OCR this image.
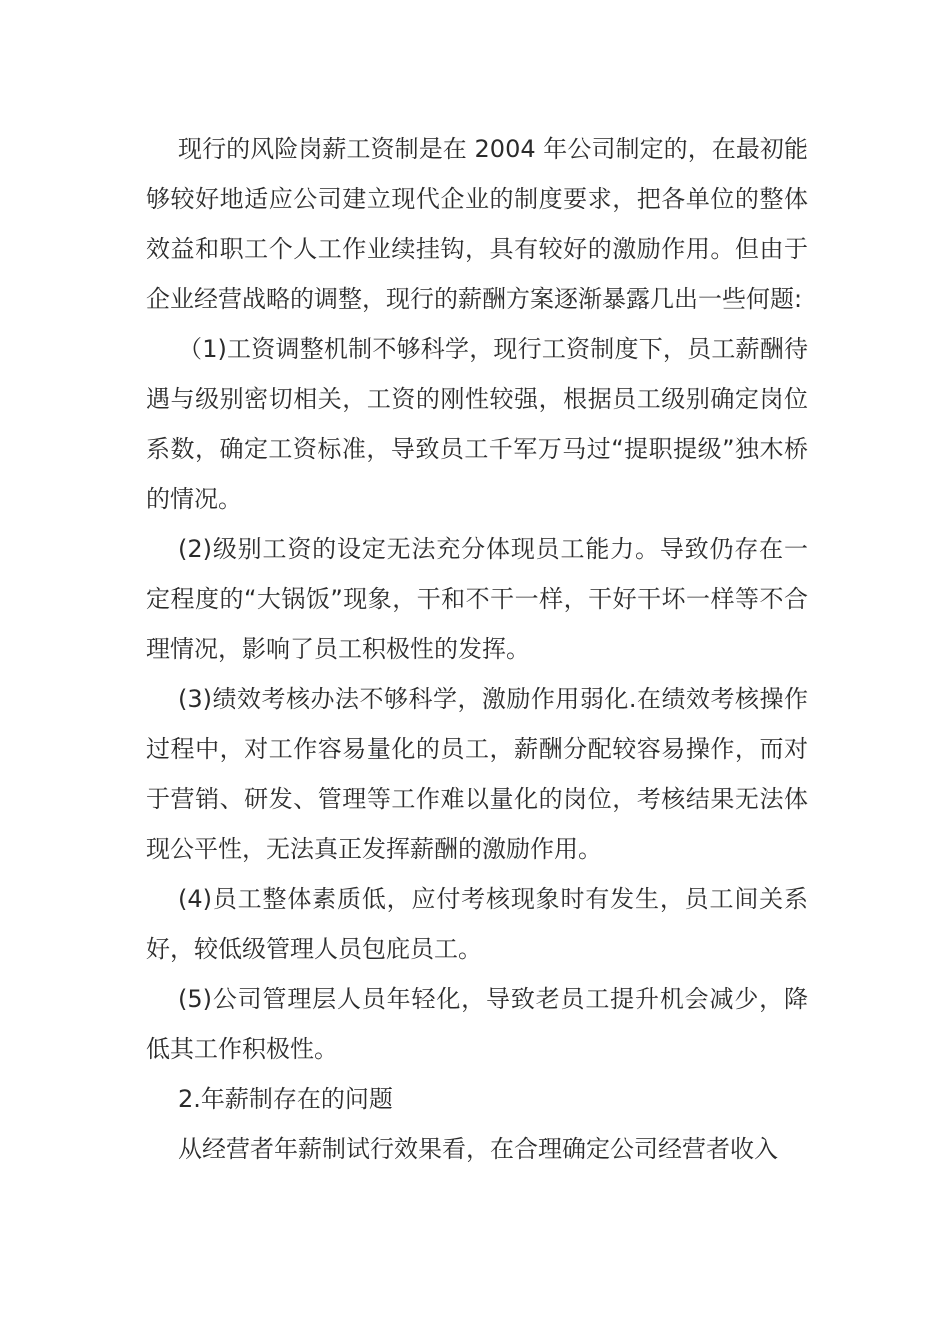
现行的风险岗薪工资制是在 2004 年公司制定的，在最初能够较好地适应公司建立现代企业的制度要求，把各单位的整体效益和职工个人工作业续挂钩，具有较好的激励作用。但由于企业经营战略的调整，现行的薪酬方案逐渐暴露几出一些何题:

（1)工资调整机制不够科学，现行工资制度下，员工薪酬待遇与级别密切相关，工资的刚性较强，根据员工级别确定岗位系数，确定工资标准，导致员工千军万马过“提职提级”独木桥的情况。

(2)级别工资的设定无法充分体现员工能力。导致仍存在一定程度的“大锅饭”现象，干和不干一样，干好干坏一样等不合理情况，影响了员工积极性的发挥。

(3)绩效考核办法不够科学，激励作用弱化.在绩效考核操作过程中，对工作容易量化的员工，薪酬分配较容易操作，而对于营销、研发、管理等工作难以量化的岗位，考核结果无法体现公平性，无法真正发挥薪酬的激励作用。

(4)员工整体素质低，应付考核现象时有发生，员工间关系好，较低级管理人员包庇员工。

(5)公司管理层人员年轻化，导致老员工提升机会减少，降低其工作积极性。

2.年薪制存在的问题

从经营者年薪制试行效果看，在合理确定公司经营者收入
